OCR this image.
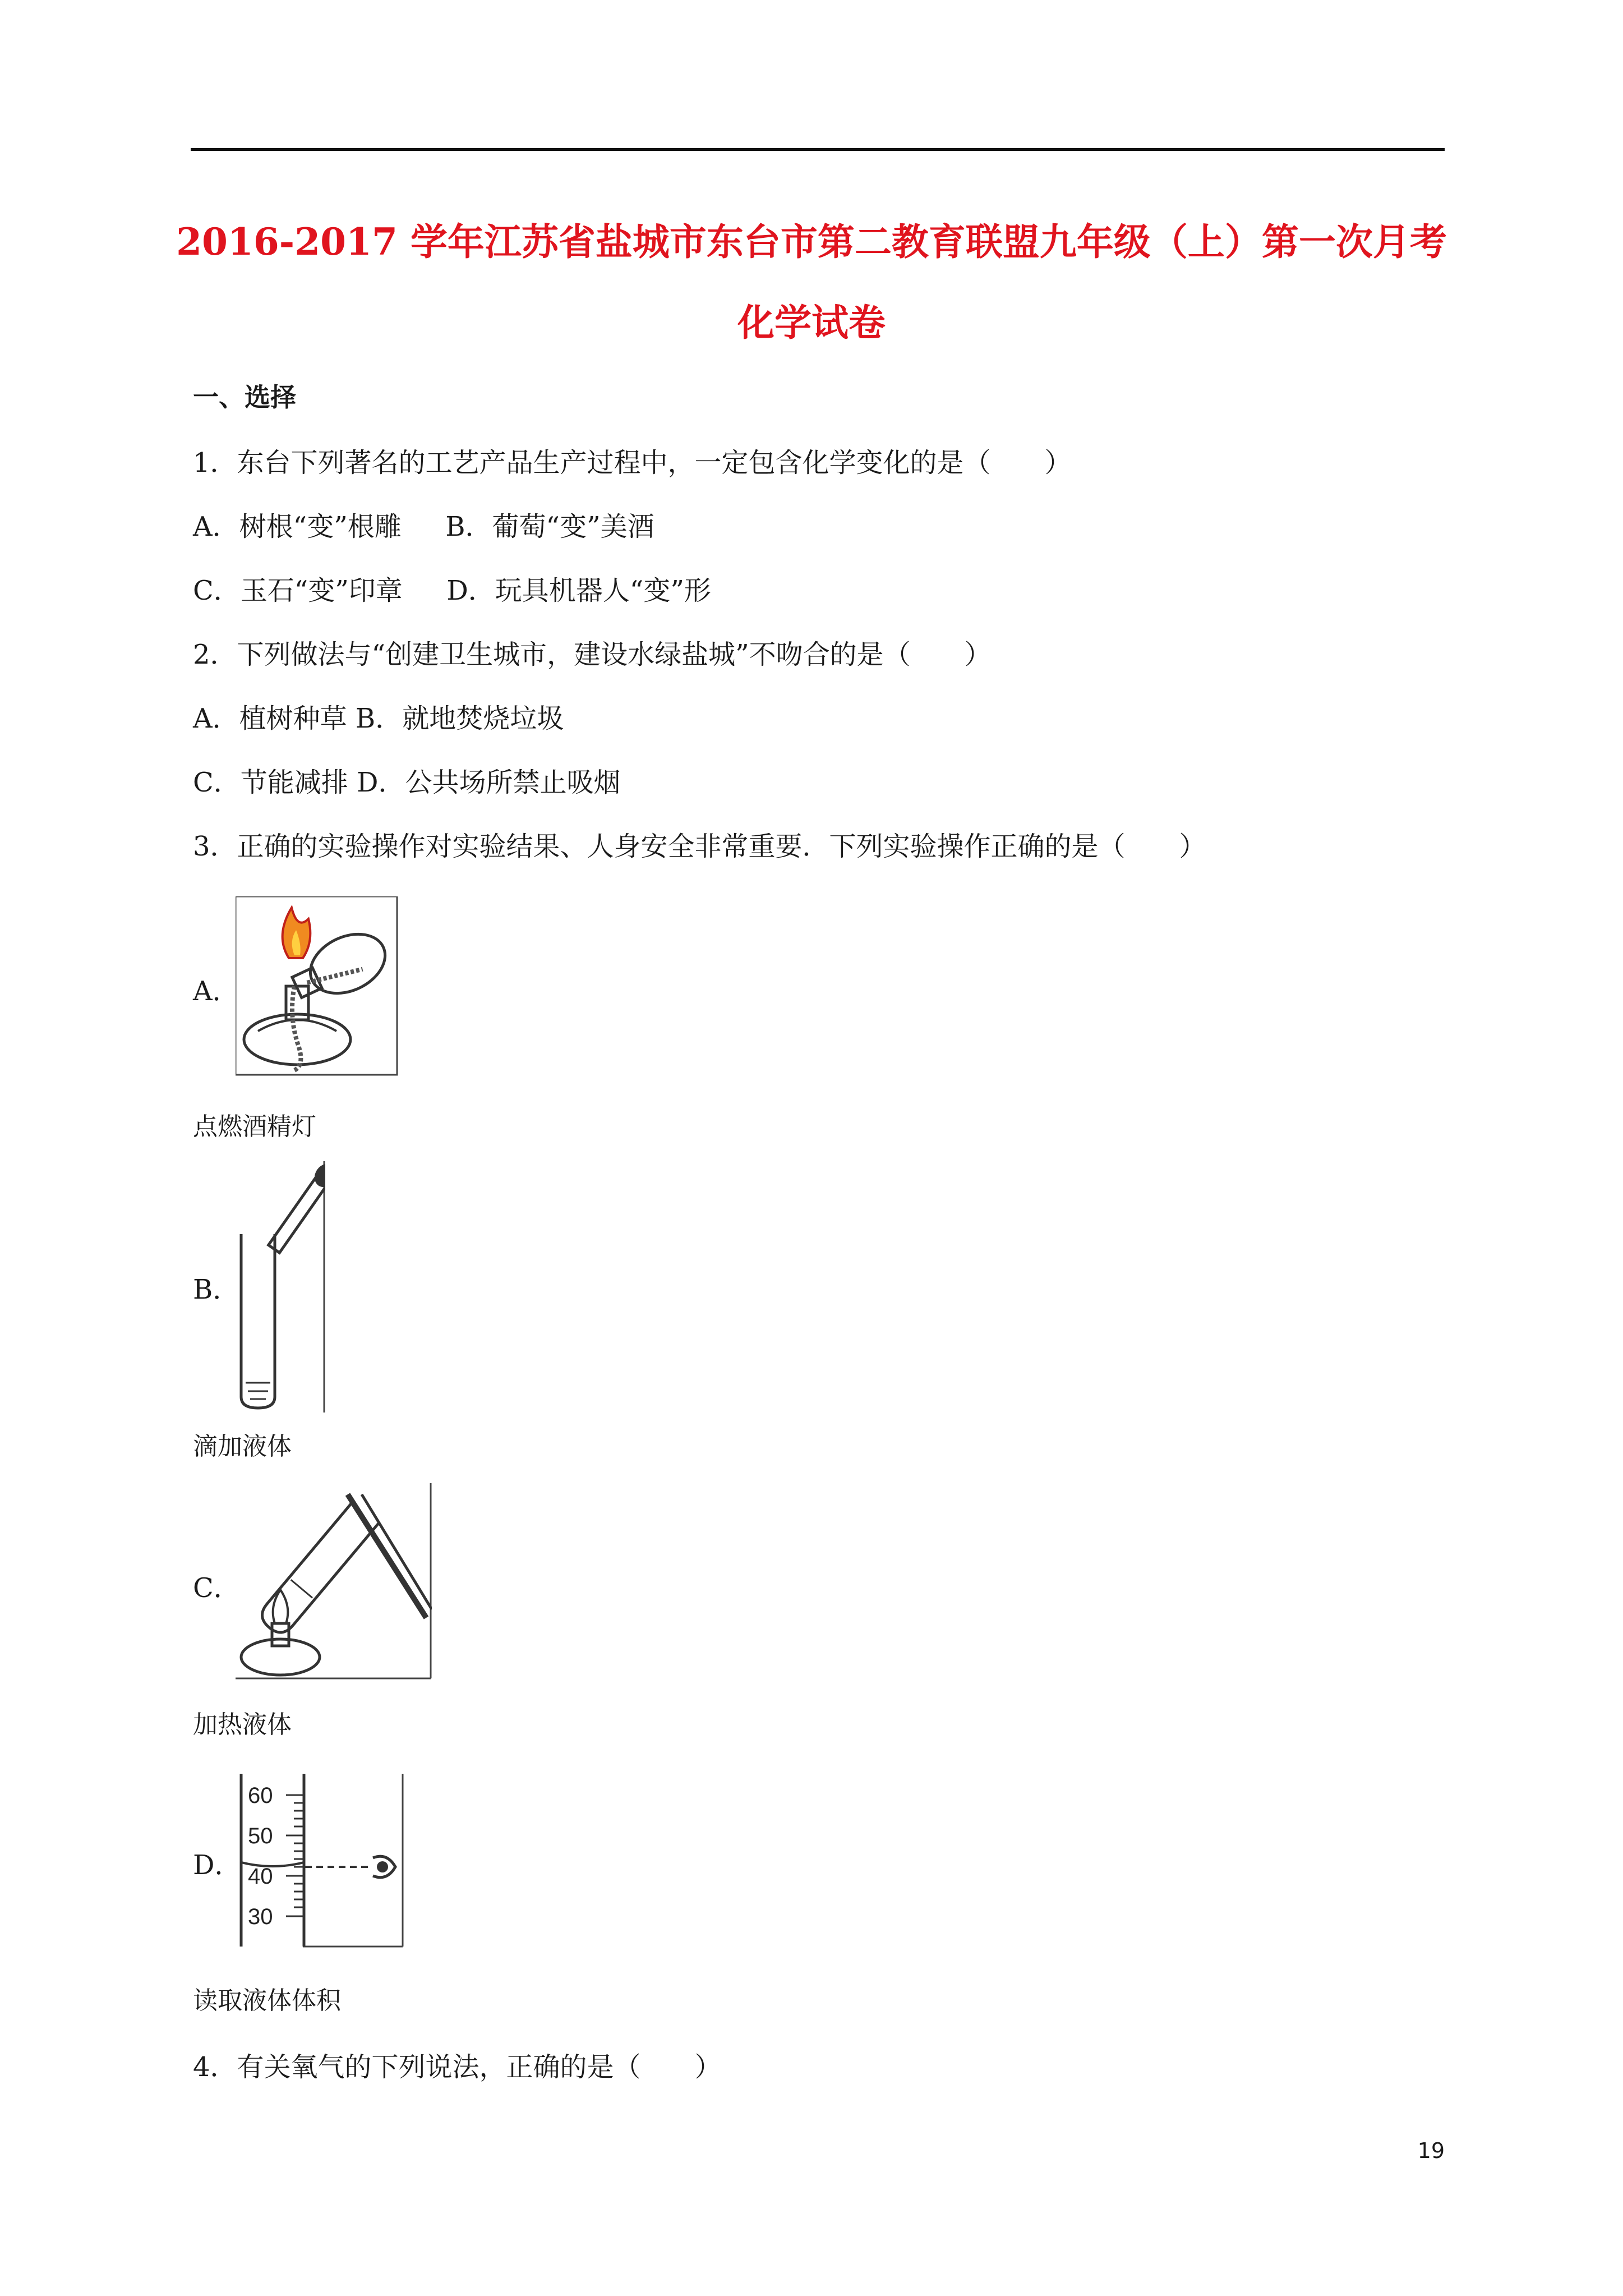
2016-2017 学年江苏省盐城市东台市第二教育联盟九年级（上）第一次月考
化学试卷
一、选择
1．东台下列著名的工艺产品生产过程中，一定包含化学变化的是（　　）
A．树根“变”根雕　  B．葡萄“变”美酒
C．玉石“变”印章　  D．玩具机器人“变”形
2．下列做法与“创建卫生城市，建设水绿盐城”不吻合的是（　　）
A．植树种草 B．就地焚烧垃圾
C．节能减排 D．公共场所禁止吸烟
3．正确的实验操作对实验结果、人身安全非常重要．下列实验操作正确的是（　　）
A．
点燃酒精灯
B．
滴加液体
C．
加热液体
D．
60
50
40
30
读取液体体积
4．有关氧气的下列说法，正确的是（　　）
19
